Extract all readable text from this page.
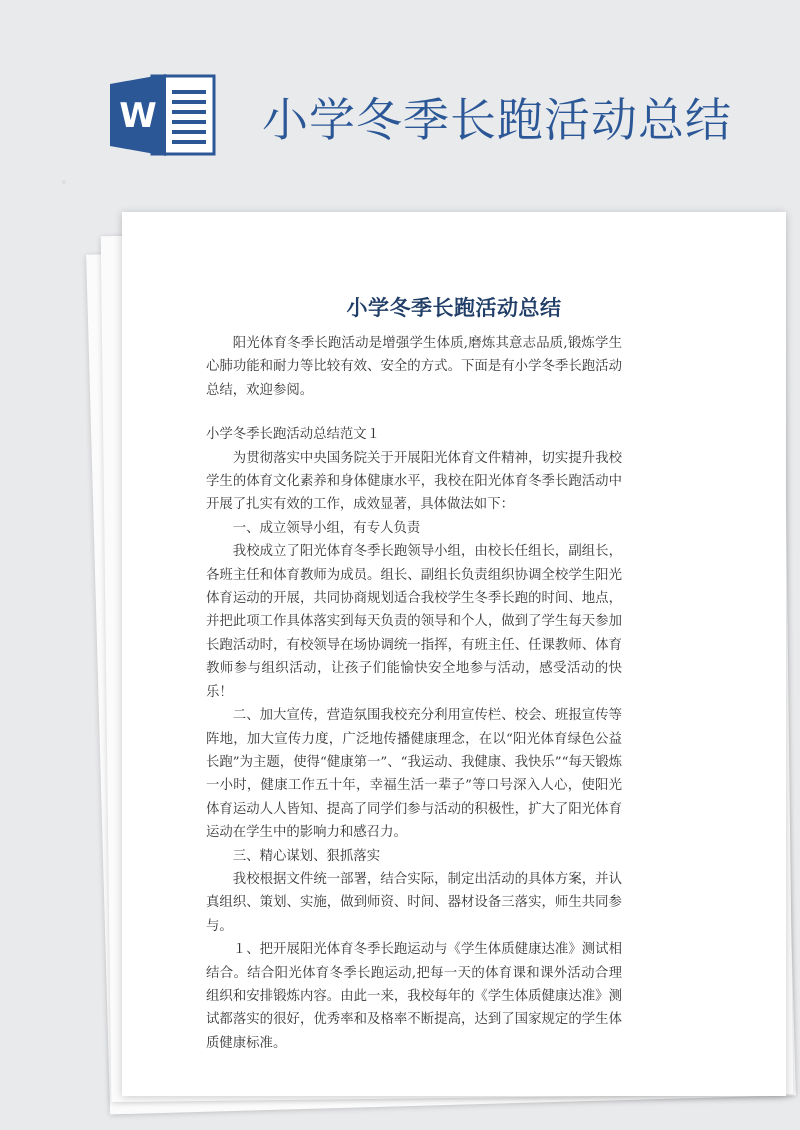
W 小学冬季长跑活动总结
·
小学冬季长跑活动总结

阳光体育冬季长跑活动是增强学生体质,磨炼其意志品质,锻炼学生心肺功能和耐力等比较有效、安全的方式。下面是有小学冬季长跑活动总结，欢迎参阅。

小学冬季长跑活动总结范文１

为贯彻落实中央国务院关于开展阳光体育文件精神，切实提升我校学生的体育文化素养和身体健康水平，我校在阳光体育冬季长跑活动中开展了扎实有效的工作，成效显著，具体做法如下：

一、成立领导小组，有专人负责

我校成立了阳光体育冬季长跑领导小组，由校长任组长，副组长，各班主任和体育教师为成员。组长、副组长负责组织协调全校学生阳光体育运动的开展，共同协商规划适合我校学生冬季长跑的时间、地点，并把此项工作具体落实到每天负责的领导和个人，做到了学生每天参加长跑活动时，有校领导在场协调统一指挥，有班主任、任课教师、体育教师参与组织活动，让孩子们能愉快安全地参与活动，感受活动的快乐！

二、加大宣传，营造氛围我校充分利用宣传栏、校会、班报宣传等阵地，加大宣传力度，广泛地传播健康理念，在以“阳光体育绿色公益长跑”为主题，使得“健康第一”、“我运动、我健康、我快乐”“每天锻炼一小时，健康工作五十年，幸福生活一辈子”等口号深入人心，使阳光体育运动人人皆知、提高了同学们参与活动的积极性，扩大了阳光体育运动在学生中的影响力和感召力。

三、精心谋划、狠抓落实

我校根据文件统一部署，结合实际，制定出活动的具体方案，并认真组织、策划、实施，做到师资、时间、器材设备三落实，师生共同参与。

１、把开展阳光体育冬季长跑运动与《学生体质健康达准》测试相结合。结合阳光体育冬季长跑运动,把每一天的体育课和课外活动合理组织和安排锻炼内容。由此一来，我校每年的《学生体质健康达准》测试都落实的很好，优秀率和及格率不断提高，达到了国家规定的学生体质健康标准。
